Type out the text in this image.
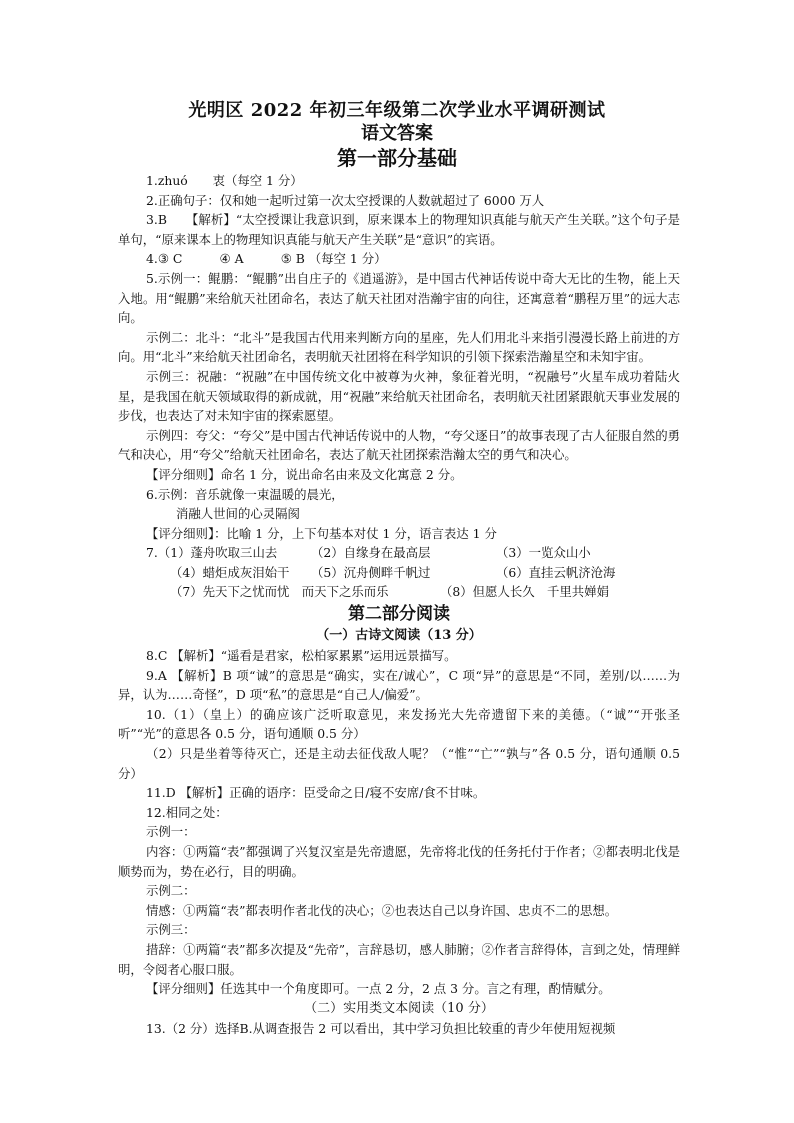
光明区 2022 年初三年级第二次学业水平调研测试
语文答案
第一部分基础

1.zhuó　　衷（每空 1 分）

2.正确句子：仅和她一起听过第一次太空授课的人数就超过了 6000 万人

3.B　　【解析】“太空授课让我意识到，原来课本上的物理知识真能与航天产生关联。”这个句子是单句，“原来课本上的物理知识真能与航天产生关联”是“意识”的宾语。

4.③ C　　　④ A　　　⑤ B （每空 1 分）

5.示例一：鲲鹏：“鲲鹏”出自庄子的《逍遥游》，是中国古代神话传说中奇大无比的生物，能上天入地。用“鲲鹏”来给航天社团命名，表达了航天社团对浩瀚宇宙的向往，还寓意着“鹏程万里”的远大志向。

示例二：北斗：“北斗”是我国古代用来判断方向的星座，先人们用北斗来指引漫漫长路上前进的方向。用“北斗”来给航天社团命名，表明航天社团将在科学知识的引领下探索浩瀚星空和未知宇宙。

示例三：祝融：“祝融”在中国传统文化中被尊为火神，象征着光明，“祝融号”火星车成功着陆火星，是我国在航天领域取得的新成就，用“祝融”来给航天社团命名，表明航天社团紧跟航天事业发展的步伐，也表达了对未知宇宙的探索愿望。

示例四：夸父：“夸父”是中国古代神话传说中的人物，“夸父逐日”的故事表现了古人征服自然的勇气和决心，用“夸父”给航天社团命名，表达了航天社团探索浩瀚太空的勇气和决心。

【评分细则】命名 1 分，说出命名由来及文化寓意 2 分。

6.示例：音乐就像一束温暖的晨光，

消融人世间的心灵隔阂

【评分细则】：比喻 1 分，上下句基本对仗 1 分，语言表达 1 分

7.（1）蓬舟吹取三山去	（2）自缘身在最高层	（3）一览众山小
（4）蜡炬成灰泪始干	（5）沉舟侧畔千帆过	（6）直挂云帆济沧海
（7）先天下之忧而忧　而天下之乐而乐	（8）但愿人长久　千里共婵娟

第二部分阅读

（一）古诗文阅读（13 分）

8.C 【解析】“遥看是君家，松柏冢累累”运用远景描写。

9.A 【解析】B 项“诚”的意思是“确实，实在/诚心”，C 项“异”的意思是“不同，差别/以……为异，认为……奇怪”，D 项“私”的意思是“自己人/偏爱”。

10.（1）（皇上）的确应该广泛听取意见，来发扬光大先帝遗留下来的美德。（“诚”“开张圣听”“光”的意思各 0.5 分，语句通顺 0.5 分）

（2）只是坐着等待灭亡，还是主动去征伐敌人呢？（“惟”“亡”“孰与”各 0.5 分，语句通顺 0.5 分）

11.D 【解析】正确的语序：臣受命之日/寝不安席/食不甘味。

12.相同之处：

示例一：

内容：①两篇“表”都强调了兴复汉室是先帝遗愿，先帝将北伐的任务托付于作者；②都表明北伐是顺势而为，势在必行，目的明确。

示例二：

情感：①两篇“表”都表明作者北伐的决心；②也表达自己以身许国、忠贞不二的思想。

示例三：

措辞：①两篇“表”都多次提及“先帝”，言辞恳切，感人肺腑；②作者言辞得体，言到之处，情理鲜明，令阅者心服口服。

【评分细则】任选其中一个角度即可。一点 2 分，2 点 3 分。言之有理，酌情赋分。

（二）实用类文本阅读（10 分）

13.（2 分）选择B.从调查报告 2 可以看出，其中学习负担比较重的青少年使用短视频
